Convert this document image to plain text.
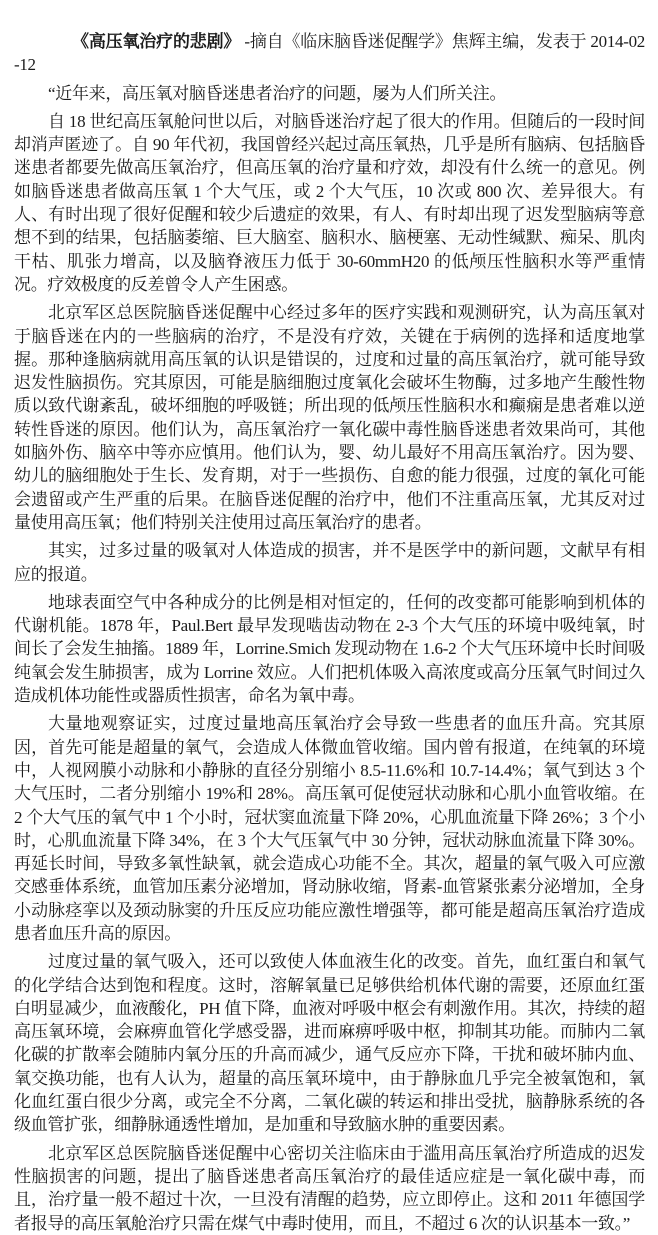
《高压氧治疗的悲剧》 -摘自《临床脑昏迷促醒学》焦辉主编，发表于 2014-02-12

“近年来，高压氧对脑昏迷患者治疗的问题，屡为人们所关注。

自 18 世纪高压氧舱问世以后，对脑昏迷治疗起了很大的作用。但随后的一段时间却消声匿迹了。自 90 年代初，我国曾经兴起过高压氧热，几乎是所有脑病、包括脑昏迷患者都要先做高压氧治疗，但高压氧的治疗量和疗效，却没有什么统一的意见。例如脑昏迷患者做高压氧 1 个大气压，或 2 个大气压，10 次或 800 次、差异很大。有人、有时出现了很好促醒和较少后遗症的效果，有人、有时却出现了迟发型脑病等意想不到的结果，包括脑萎缩、巨大脑室、脑积水、脑梗塞、无动性缄默、痴呆、肌肉干枯、肌张力增高，以及脑脊液压力低于 30-60mmH20 的低颅压性脑积水等严重情况。疗效极度的反差曾令人产生困惑。

北京军区总医院脑昏迷促醒中心经过多年的医疗实践和观测研究，认为高压氧对于脑昏迷在内的一些脑病的治疗，不是没有疗效，关键在于病例的选择和适度地掌握。那种逢脑病就用高压氧的认识是错误的，过度和过量的高压氧治疗，就可能导致迟发性脑损伤。究其原因，可能是脑细胞过度氧化会破坏生物酶，过多地产生酸性物质以致代谢紊乱，破坏细胞的呼吸链；所出现的低颅压性脑积水和癫痫是患者难以逆转性昏迷的原因。他们认为，高压氧治疗一氧化碳中毒性脑昏迷患者效果尚可，其他如脑外伤、脑卒中等亦应慎用。他们认为，婴、幼儿最好不用高压氧治疗。因为婴、幼儿的脑细胞处于生长、发育期，对于一些损伤、自愈的能力很强，过度的氧化可能会遗留或产生严重的后果。在脑昏迷促醒的治疗中，他们不注重高压氧，尤其反对过量使用高压氧；他们特别关注使用过高压氧治疗的患者。

其实，过多过量的吸氧对人体造成的损害，并不是医学中的新问题，文献早有相应的报道。

地球表面空气中各种成分的比例是相对恒定的，任何的改变都可能影响到机体的代谢机能。1878 年，Paul.Bert 最早发现啮齿动物在 2-3 个大气压的环境中吸纯氧，时间长了会发生抽搐。1889 年，Lorrine.Smich 发现动物在 1.6-2 个大气压环境中长时间吸纯氧会发生肺损害，成为 Lorrine 效应。人们把机体吸入高浓度或高分压氧气时间过久造成机体功能性或器质性损害，命名为氧中毒。

大量地观察证实，过度过量地高压氧治疗会导致一些患者的血压升高。究其原因，首先可能是超量的氧气，会造成人体微血管收缩。国内曾有报道，在纯氧的环境中，人视网膜小动脉和小静脉的直径分别缩小 8.5-11.6%和 10.7-14.4%；氧气到达 3 个大气压时，二者分别缩小 19%和 28%。高压氧可促使冠状动脉和心肌小血管收缩。在 2 个大气压的氧气中 1 个小时，冠状窦血流量下降 20%，心肌血流量下降 26%；3 个小时，心肌血流量下降 34%，在 3 个大气压氧气中 30 分钟，冠状动脉血流量下降 30%。再延长时间，导致多氧性缺氧，就会造成心功能不全。其次，超量的氧气吸入可应激交感垂体系统，血管加压素分泌增加，肾动脉收缩，肾素-血管紧张素分泌增加，全身小动脉痉挛以及颈动脉窦的升压反应功能应激性增强等，都可能是超高压氧治疗造成患者血压升高的原因。

过度过量的氧气吸入，还可以致使人体血液生化的改变。首先，血红蛋白和氧气的化学结合达到饱和程度。这时，溶解氧量已足够供给机体代谢的需要，还原血红蛋白明显减少，血液酸化，PH 值下降，血液对呼吸中枢会有刺激作用。其次，持续的超高压氧环境，会麻痹血管化学感受器，进而麻痹呼吸中枢，抑制其功能。而肺内二氧化碳的扩散率会随肺内氧分压的升高而减少，通气反应亦下降，干扰和破坏肺内血、氧交换功能，也有人认为，超量的高压氧环境中，由于静脉血几乎完全被氧饱和，氧化血红蛋白很少分离，或完全不分离，二氧化碳的转运和排出受扰，脑静脉系统的各级血管扩张，细静脉通透性增加，是加重和导致脑水肿的重要因素。

北京军区总医院脑昏迷促醒中心密切关注临床由于滥用高压氧治疗所造成的迟发性脑损害的问题，提出了脑昏迷患者高压氧治疗的最佳适应症是一氧化碳中毒，而且，治疗量一般不超过十次，一旦没有清醒的趋势，应立即停止。这和 2011 年德国学者报导的高压氧舱治疗只需在煤气中毒时使用，而且，不超过 6 次的认识基本一致。”
